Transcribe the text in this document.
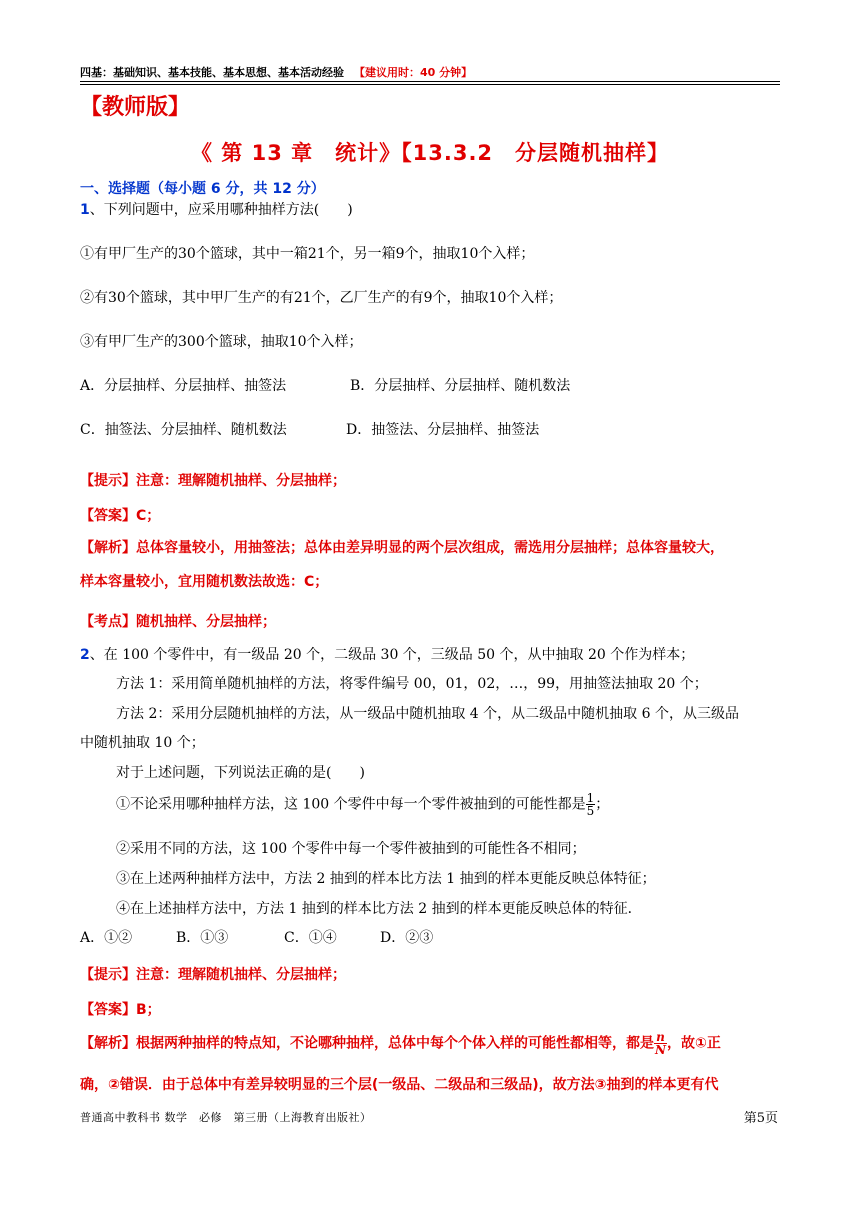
四基：基础知识、基本技能、基本思想、基本活动经验 【建议用时：40 分钟】
【教师版】
《 第 13 章　统计》【13.3.2　分层随机抽样】
一、选择题（每小题 6 分，共 12 分）
1、下列问题中，应采用哪种抽样方法(　　)
①有甲厂生产的30个篮球，其中一箱21个，另一箱9个，抽取10个入样；
②有30个篮球，其中甲厂生产的有21个，乙厂生产的有9个，抽取10个入样；
③有甲厂生产的300个篮球，抽取10个入样；
A．分层抽样、分层抽样、抽签法	B．分层抽样、分层抽样、随机数法
C．抽签法、分层抽样、随机数法	D．抽签法、分层抽样、抽签法
【提示】注意：理解随机抽样、分层抽样；
【答案】C；
【解析】总体容量较小，用抽签法；总体由差异明显的两个层次组成，需选用分层抽样；总体容量较大，
样本容量较小，宜用随机数法故选：C；
【考点】随机抽样、分层抽样；
2、在 100 个零件中，有一级品 20 个，二级品 30 个，三级品 50 个，从中抽取 20 个作为样本；
方法 1：采用简单随机抽样的方法，将零件编号 00，01，02，…，99，用抽签法抽取 20 个；
方法 2：采用分层随机抽样的方法，从一级品中随机抽取 4 个，从二级品中随机抽取 6 个，从三级品
中随机抽取 10 个；
对于上述问题，下列说法正确的是(　　)
①不论采用哪种抽样方法，这 100 个零件中每一个零件被抽到的可能性都是 $\frac{1}{5}$ ；
②采用不同的方法，这 100 个零件中每一个零件被抽到的可能性各不相同；
③在上述两种抽样方法中，方法 2 抽到的样本比方法 1 抽到的样本更能反映总体特征；
④在上述抽样方法中，方法 1 抽到的样本比方法 2 抽到的样本更能反映总体的特征．
A．①②	B．①③	C．①④	D．②③
【提示】注意：理解随机抽样、分层抽样；
【答案】B；
【解析】根据两种抽样的特点知，不论哪种抽样，总体中每个个体入样的可能性都相等，都是 $\frac{n}{N}$ ，故①正
确，②错误．由于总体中有差异较明显的三个层(一级品、二级品和三级品)，故方法③抽到的样本更有代
普通高中教科书 数学　必修　第三册（上海教育出版社）	第5页
